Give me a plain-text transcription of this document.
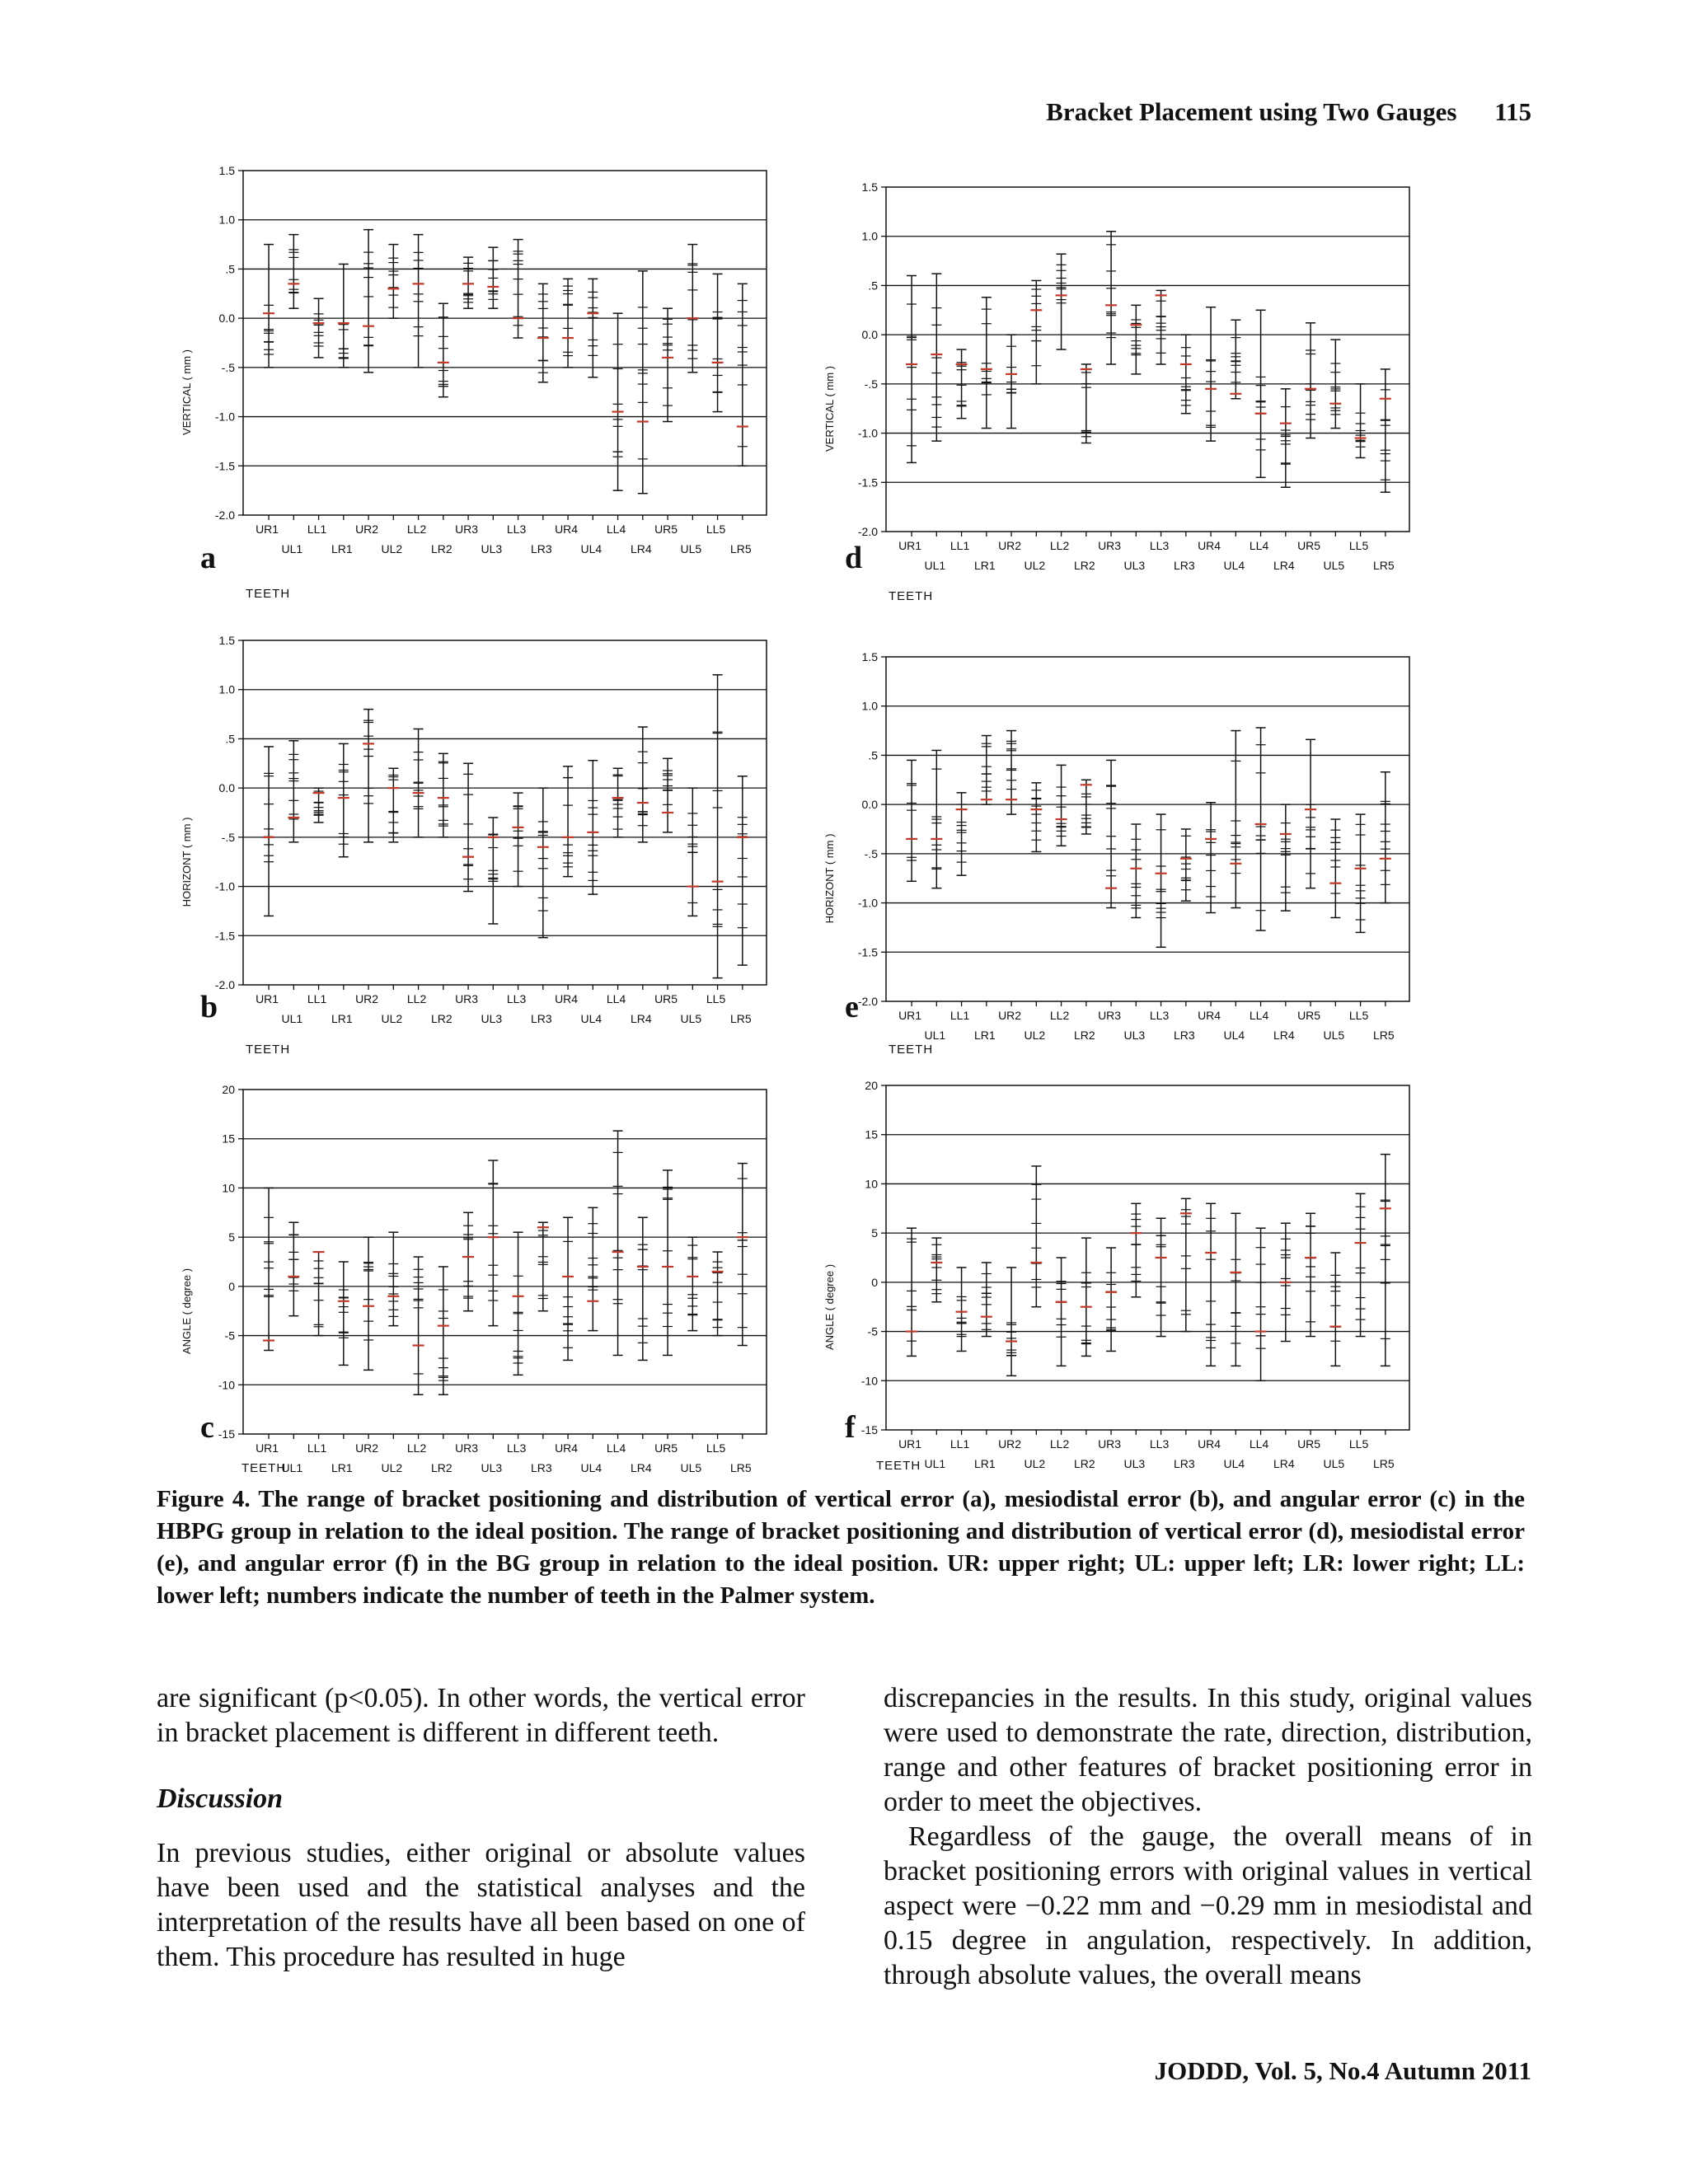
Bracket Placement using Two Gauges 115
1.5
1.0
.5
0.0
-.5
-1.0
-1.5
-2.0
VERTICAL ( mm )
UR1
UL1
LL1
LR1
UR2
UL2
LL2
LR2
UR3
UL3
LL3
LR3
UR4
UL4
LL4
LR4
UR5
UL5
LL5
LR5
1.5
1.0
.5
0.0
-.5
-1.0
-1.5
-2.0
VERTICAL ( mm )
UR1
UL1
LL1
LR1
UR2
UL2
LL2
LR2
UR3
UL3
LL3
LR3
UR4
UL4
LL4
LR4
UR5
UL5
LL5
LR5
1.5
1.0
.5
0.0
-.5
-1.0
-1.5
-2.0
HORIZONT ( mm )
UR1
UL1
LL1
LR1
UR2
UL2
LL2
LR2
UR3
UL3
LL3
LR3
UR4
UL4
LL4
LR4
UR5
UL5
LL5
LR5
1.5
1.0
.5
0.0
-.5
-1.0
-1.5
-2.0
HORIZONT ( mm )
UR1
UL1
LL1
LR1
UR2
UL2
LL2
LR2
UR3
UL3
LL3
LR3
UR4
UL4
LL4
LR4
UR5
UL5
LL5
LR5
20
15
10
5
0
-5
-10
-15
ANGLE ( degree )
UR1
UL1
LL1
LR1
UR2
UL2
LL2
LR2
UR3
UL3
LL3
LR3
UR4
UL4
LL4
LR4
UR5
UL5
LL5
LR5
20
15
10
5
0
-5
-10
-15
ANGLE ( degree )
UR1
UL1
LL1
LR1
UR2
UL2
LL2
LR2
UR3
UL3
LL3
LR3
UR4
UL4
LL4
LR4
UR5
UL5
LL5
LR5
a	d
b	e
c	f
TEETH	TEETH
TEETH	TEETH
TEETH	TEETH
Figure 4. The range of bracket positioning and distribution of vertical error (a), mesiodistal error (b), and angular error (c) in the HBPG group in relation to the ideal position. The range of bracket positioning and distribution of vertical error (d), mesiodistal error (e), and angular error (f) in the BG group in relation to the ideal position. UR: upper right; UL: upper left; LR: lower right; LL: lower left; numbers indicate the number of teeth in the Palmer system.

are significant (p<0.05). In other words, the vertical error in bracket placement is different in different teeth.

Discussion

In previous studies, either original or absolute values have been used and the statistical analyses and the interpretation of the results have all been based on one of them. This procedure has resulted in huge

discrepancies in the results. In this study, original values were used to demonstrate the rate, direction, distribution, range and other features of bracket positioning error in order to meet the objectives.

Regardless of the gauge, the overall means of in bracket positioning errors with original values in vertical aspect were −0.22 mm and −0.29 mm in mesiodistal and 0.15 degree in angulation, respectively. In addition, through absolute values, the overall means

JODDD, Vol. 5, No.4 Autumn 2011
